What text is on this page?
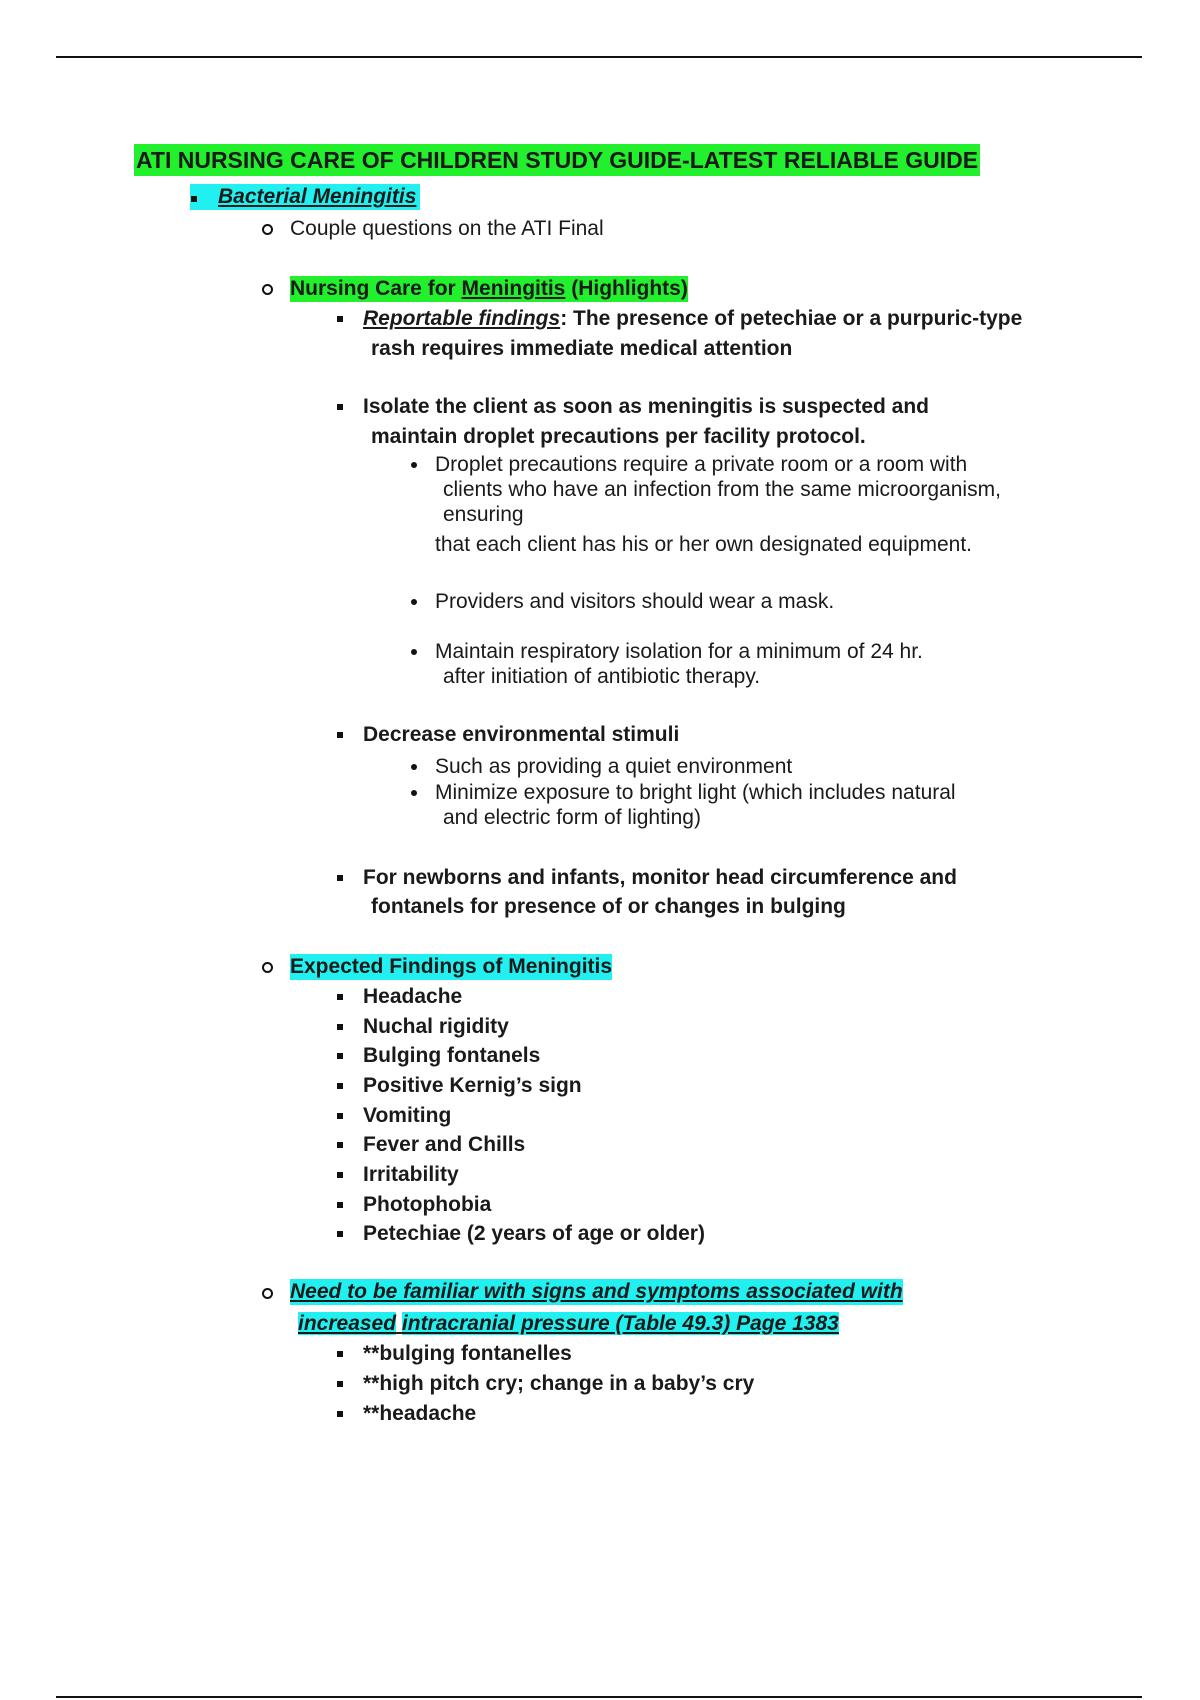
ATI NURSING CARE OF CHILDREN STUDY GUIDE-LATEST RELIABLE GUIDE
Bacterial Meningitis
Couple questions on the ATI Final
Nursing Care for Meningitis (Highlights)
Reportable findings: The presence of petechiae or a purpuric-type
rash requires immediate medical attention
Isolate the client as soon as meningitis is suspected and
maintain droplet precautions per facility protocol.
Droplet precautions require a private room or a room with
clients who have an infection from the same microorganism,
ensuring
that each client has his or her own designated equipment.
Providers and visitors should wear a mask.
Maintain respiratory isolation for a minimum of 24 hr.
after initiation of antibiotic therapy.
Decrease environmental stimuli
Such as providing a quiet environment
Minimize exposure to bright light (which includes natural
and electric form of lighting)
For newborns and infants, monitor head circumference and
fontanels for presence of or changes in bulging
Expected Findings of Meningitis
Headache
Nuchal rigidity
Bulging fontanels
Positive Kernig’s sign
Vomiting
Fever and Chills
Irritability
Photophobia
Petechiae (2 years of age or older)
Need to be familiar with signs and symptoms associated with
increased intracranial pressure (Table 49.3) Page 1383
**bulging fontanelles
**high pitch cry; change in a baby’s cry
**headache
